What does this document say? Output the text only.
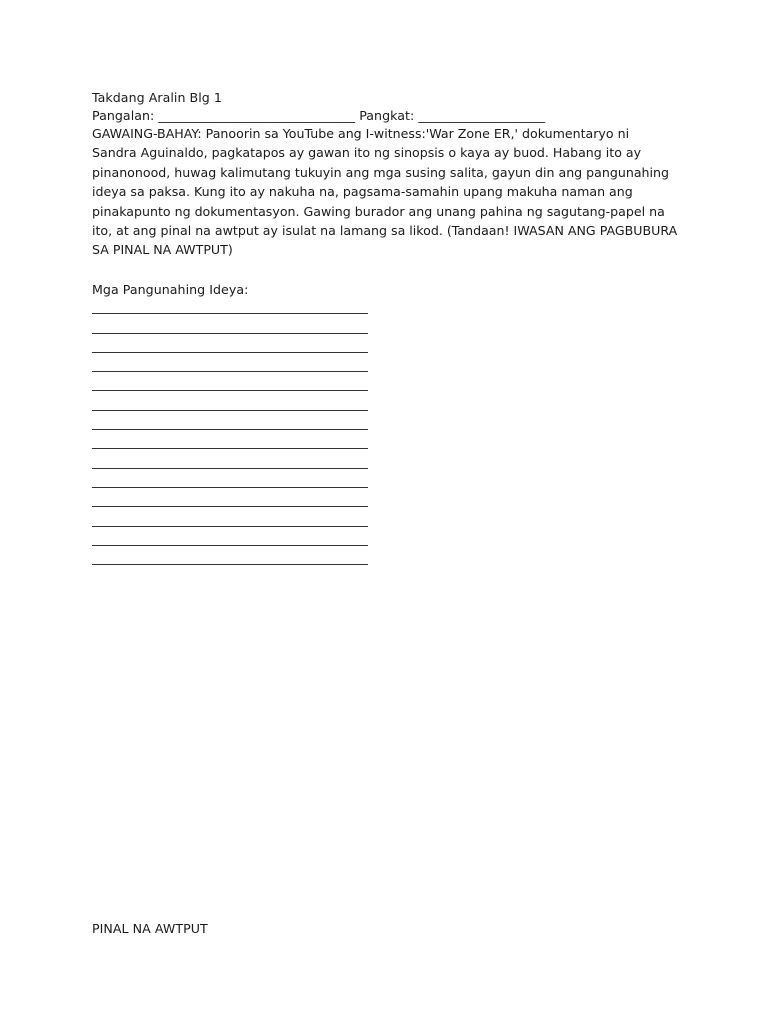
Takdang Aralin Blg 1
Pangalan: _______________________________ Pangkat: ____________________
GAWAING-BAHAY: Panoorin sa YouTube ang I-witness:'War Zone ER,' dokumentaryo ni
Sandra Aguinaldo, pagkatapos ay gawan ito ng sinopsis o kaya ay buod. Habang ito ay
pinanonood, huwag kalimutang tukuyin ang mga susing salita, gayun din ang pangunahing
ideya sa paksa. Kung ito ay nakuha na, pagsama-samahin upang makuha naman ang
pinakapunto ng dokumentasyon. Gawing burador ang unang pahina ng sagutang-papel na
ito, at ang pinal na awtput ay isulat na lamang sa likod. (Tandaan! IWASAN ANG PAGBUBURA
SA PINAL NA AWTPUT)
Mga Pangunahing Ideya:
PINAL NA AWTPUT
